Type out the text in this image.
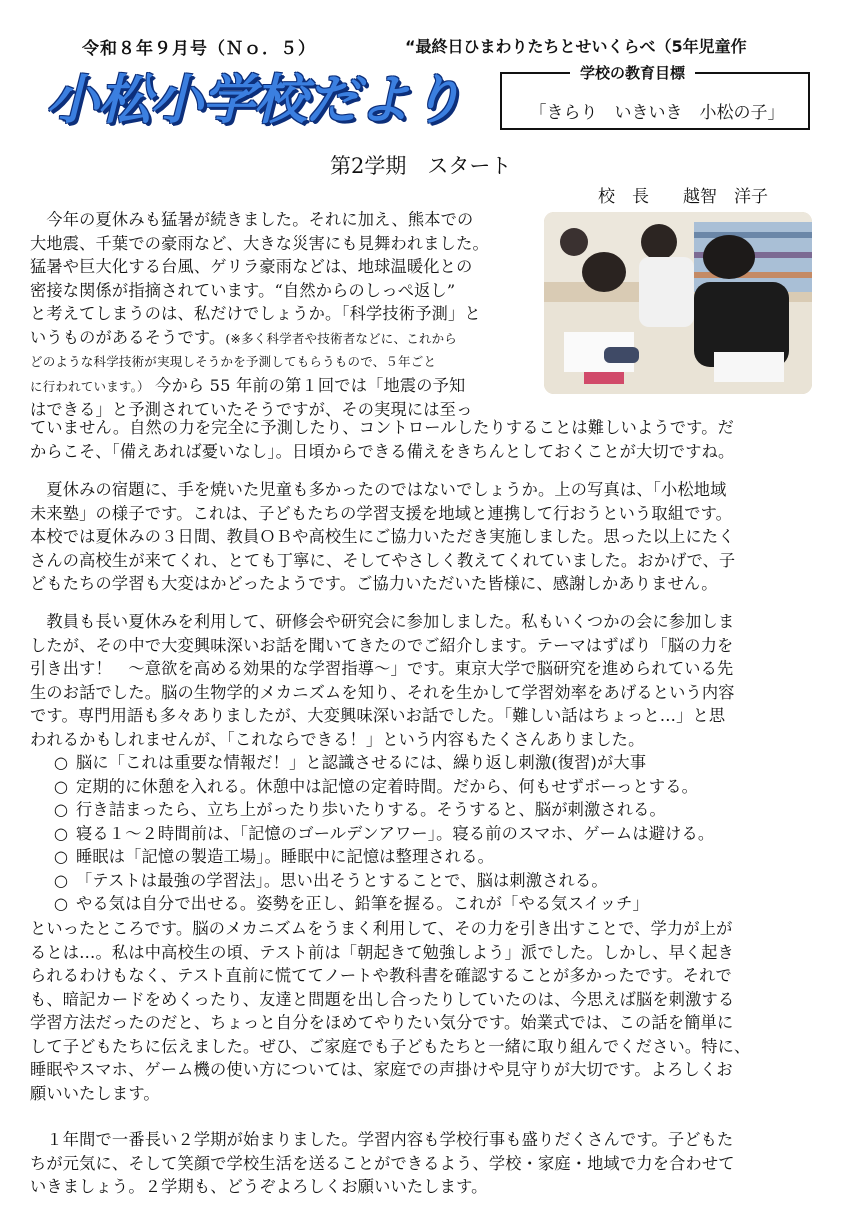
令和８年９月号（Ｎｏ．５）	“最終日ひまわりたちとせいくらべ（5年児童作
小松小学校だより	学校の教育目標
「きらり　いきいき　小松の子」
第2学期　スタート
校　長　　越智　洋子
　今年の夏休みも猛暑が続きました。それに加え、熊本での
大地震、千葉での豪雨など、大きな災害にも見舞われました。
猛暑や巨大化する台風、ゲリラ豪雨などは、地球温暖化との
密接な関係が指摘されています。“自然からのしっぺ返し”
と考えてしまうのは、私だけでしょうか。「科学技術予測」と
いうものがあるそうです。(※多く科学者や技術者などに、これから
どのような科学技術が実現しそうかを予測してもらうもので、５年ごと
に行われています。） 今から 55 年前の第１回では「地震の予知
はできる」と予測されていたそうですが、その実現には至っ
ていません。自然の力を完全に予測したり、コントロールしたりすることは難しいようです。だ
からこそ、「備えあれば憂いなし」。日頃からできる備えをきちんとしておくことが大切ですね。
　夏休みの宿題に、手を焼いた児童も多かったのではないでしょうか。上の写真は、「小松地域
未来塾」の様子です。これは、子どもたちの学習支援を地域と連携して行おうという取組です。
本校では夏休みの３日間、教員ＯＢや高校生にご協力いただき実施しました。思った以上にたく
さんの高校生が来てくれ、とても丁寧に、そしてやさしく教えてくれていました。おかげで、子
どもたちの学習も大変はかどったようです。ご協力いただいた皆様に、感謝しかありません。
　教員も長い夏休みを利用して、研修会や研究会に参加しました。私もいくつかの会に参加しま
したが、その中で大変興味深いお話を聞いてきたのでご紹介します。テーマはずばり「脳の力を
引き出す！　～意欲を高める効果的な学習指導～」です。東京大学で脳研究を進められている先
生のお話でした。脳の生物学的メカニズムを知り、それを生かして学習効率をあげるという内容
です。専門用語も多々ありましたが、大変興味深いお話でした。「難しい話はちょっと…」と思
われるかもしれませんが、「これならできる！」という内容もたくさんありました。
○ 脳に「これは重要な情報だ！」と認識させるには、繰り返し刺激(復習)が大事
○ 定期的に休憩を入れる。休憩中は記憶の定着時間。だから、何もせずボーっとする。
○ 行き詰まったら、立ち上がったり歩いたりする。そうすると、脳が刺激される。
○ 寝る１～２時間前は、「記憶のゴールデンアワー」。寝る前のスマホ、ゲームは避ける。
○ 睡眠は「記憶の製造工場」。睡眠中に記憶は整理される。
○ 「テストは最強の学習法」。思い出そうとすることで、脳は刺激される。
○ やる気は自分で出せる。姿勢を正し、鉛筆を握る。これが「やる気スイッチ」
といったところです。脳のメカニズムをうまく利用して、その力を引き出すことで、学力が上が
るとは…。私は中高校生の頃、テスト前は「朝起きて勉強しよう」派でした。しかし、早く起き
られるわけもなく、テスト直前に慌ててノートや教科書を確認することが多かったです。それで
も、暗記カードをめくったり、友達と問題を出し合ったりしていたのは、今思えば脳を刺激する
学習方法だったのだと、ちょっと自分をほめてやりたい気分です。始業式では、この話を簡単に
して子どもたちに伝えました。ぜひ、ご家庭でも子どもたちと一緒に取り組んでください。特に、
睡眠やスマホ、ゲーム機の使い方については、家庭での声掛けや見守りが大切です。よろしくお
願いいたします。
　１年間で一番長い２学期が始まりました。学習内容も学校行事も盛りだくさんです。子どもた
ちが元気に、そして笑顔で学校生活を送ることができるよう、学校・家庭・地域で力を合わせて
いきましょう。２学期も、どうぞよろしくお願いいたします。
